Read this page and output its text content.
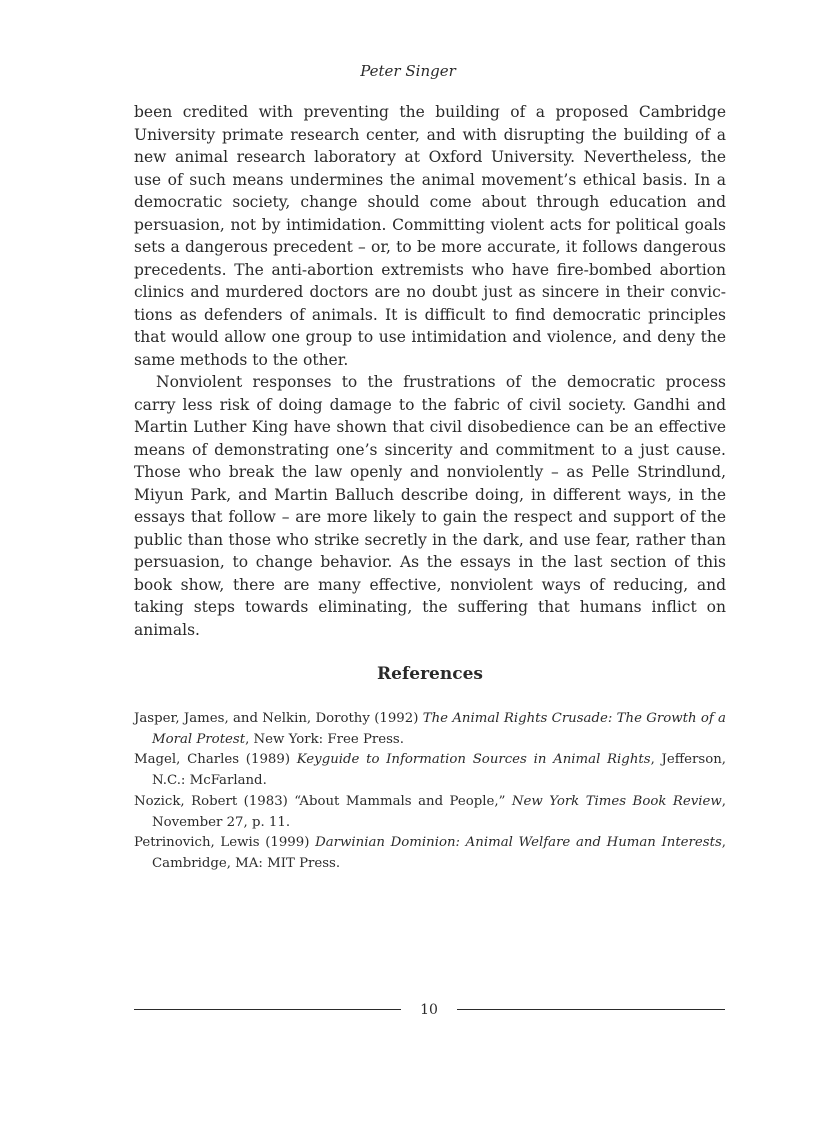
Peter Singer

been credited with preventing the building of a proposed Cambridge University primate research center, and with disrupting the building of a new animal research laboratory at Oxford University. Nevertheless, the use of such means undermines the animal movement’s ethical basis. In a democratic society, change should come about through education and persuasion, not by intimidation. Committing violent acts for political goals sets a dangerous precedent – or, to be more accurate, it follows dangerous precedents. The anti-abortion extremists who have fire-bombed abortion clinics and murdered doctors are no doubt just as sincere in their convictions as defenders of animals. It is difficult to find democratic principles that would allow one group to use intimidation and violence, and deny the same methods to the other.

Nonviolent responses to the frustrations of the democratic process carry less risk of doing damage to the fabric of civil society. Gandhi and Martin Luther King have shown that civil disobedience can be an effective means of demonstrating one’s sincerity and commitment to a just cause. Those who break the law openly and nonviolently – as Pelle Strindlund, Miyun Park, and Martin Balluch describe doing, in different ways, in the essays that follow – are more likely to gain the respect and support of the public than those who strike secretly in the dark, and use fear, rather than persuasion, to change behavior. As the essays in the last section of this book show, there are many effective, nonviolent ways of reducing, and taking steps towards eliminating, the suffering that humans inflict on animals.

References

Jasper, James, and Nelkin, Dorothy (1992) The Animal Rights Crusade: The Growth of a Moral Protest, New York: Free Press.

Magel, Charles (1989) Keyguide to Information Sources in Animal Rights, Jefferson, N.C.: McFarland.

Nozick, Robert (1983) “About Mammals and People,” New York Times Book Review, November 27, p. 11.

Petrinovich, Lewis (1999) Darwinian Dominion: Animal Welfare and Human Interests, Cambridge, MA: MIT Press.

10
